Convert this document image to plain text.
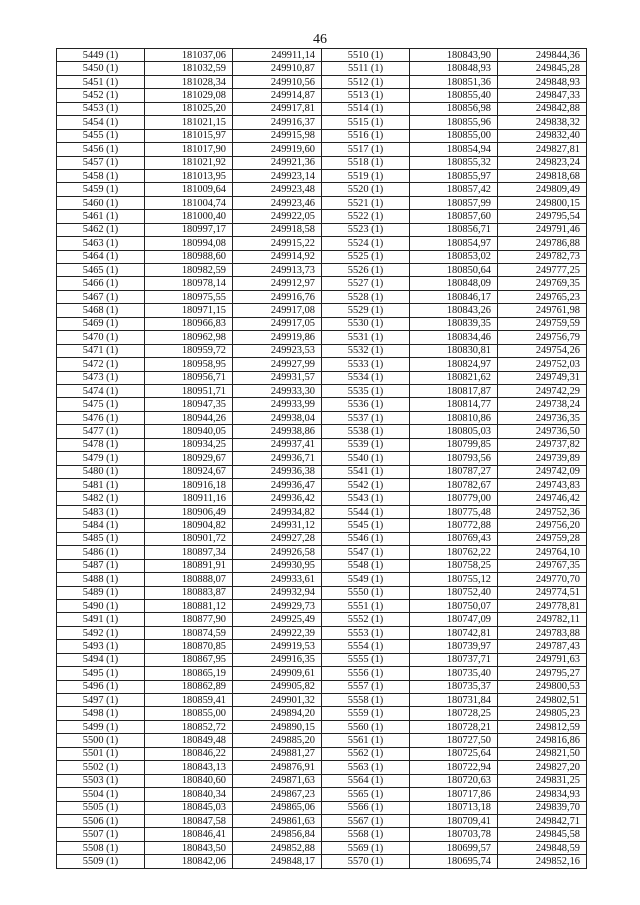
46
5449 (1)	181037,06	249911,14	5510 (1)	180843,90	249844,36
5450 (1)	181032,59	249910,87	5511 (1)	180848,93	249845,28
5451 (1)	181028,34	249910,56	5512 (1)	180851,36	249848,93
5452 (1)	181029,08	249914,87	5513 (1)	180855,40	249847,33
5453 (1)	181025,20	249917,81	5514 (1)	180856,98	249842,88
5454 (1)	181021,15	249916,37	5515 (1)	180855,96	249838,32
5455 (1)	181015,97	249915,98	5516 (1)	180855,00	249832,40
5456 (1)	181017,90	249919,60	5517 (1)	180854,94	249827,81
5457 (1)	181021,92	249921,36	5518 (1)	180855,32	249823,24
5458 (1)	181013,95	249923,14	5519 (1)	180855,97	249818,68
5459 (1)	181009,64	249923,48	5520 (1)	180857,42	249809,49
5460 (1)	181004,74	249923,46	5521 (1)	180857,99	249800,15
5461 (1)	181000,40	249922,05	5522 (1)	180857,60	249795,54
5462 (1)	180997,17	249918,58	5523 (1)	180856,71	249791,46
5463 (1)	180994,08	249915,22	5524 (1)	180854,97	249786,88
5464 (1)	180988,60	249914,92	5525 (1)	180853,02	249782,73
5465 (1)	180982,59	249913,73	5526 (1)	180850,64	249777,25
5466 (1)	180978,14	249912,97	5527 (1)	180848,09	249769,35
5467 (1)	180975,55	249916,76	5528 (1)	180846,17	249765,23
5468 (1)	180971,15	249917,08	5529 (1)	180843,26	249761,98
5469 (1)	180966,83	249917,05	5530 (1)	180839,35	249759,59
5470 (1)	180962,98	249919,86	5531 (1)	180834,46	249756,79
5471 (1)	180959,72	249923,53	5532 (1)	180830,81	249754,26
5472 (1)	180958,95	249927,99	5533 (1)	180824,97	249752,03
5473 (1)	180956,71	249931,57	5534 (1)	180821,62	249749,31
5474 (1)	180951,71	249933,30	5535 (1)	180817,87	249742,29
5475 (1)	180947,35	249933,99	5536 (1)	180814,77	249738,24
5476 (1)	180944,26	249938,04	5537 (1)	180810,86	249736,35
5477 (1)	180940,05	249938,86	5538 (1)	180805,03	249736,50
5478 (1)	180934,25	249937,41	5539 (1)	180799,85	249737,82
5479 (1)	180929,67	249936,71	5540 (1)	180793,56	249739,89
5480 (1)	180924,67	249936,38	5541 (1)	180787,27	249742,09
5481 (1)	180916,18	249936,47	5542 (1)	180782,67	249743,83
5482 (1)	180911,16	249936,42	5543 (1)	180779,00	249746,42
5483 (1)	180906,49	249934,82	5544 (1)	180775,48	249752,36
5484 (1)	180904,82	249931,12	5545 (1)	180772,88	249756,20
5485 (1)	180901,72	249927,28	5546 (1)	180769,43	249759,28
5486 (1)	180897,34	249926,58	5547 (1)	180762,22	249764,10
5487 (1)	180891,91	249930,95	5548 (1)	180758,25	249767,35
5488 (1)	180888,07	249933,61	5549 (1)	180755,12	249770,70
5489 (1)	180883,87	249932,94	5550 (1)	180752,40	249774,51
5490 (1)	180881,12	249929,73	5551 (1)	180750,07	249778,81
5491 (1)	180877,90	249925,49	5552 (1)	180747,09	249782,11
5492 (1)	180874,59	249922,39	5553 (1)	180742,81	249783,88
5493 (1)	180870,85	249919,53	5554 (1)	180739,97	249787,43
5494 (1)	180867,95	249916,35	5555 (1)	180737,71	249791,63
5495 (1)	180865,19	249909,61	5556 (1)	180735,40	249795,27
5496 (1)	180862,89	249905,82	5557 (1)	180735,37	249800,53
5497 (1)	180859,41	249901,32	5558 (1)	180731,84	249802,51
5498 (1)	180855,00	249894,20	5559 (1)	180728,25	249805,23
5499 (1)	180852,72	249890,15	5560 (1)	180728,21	249812,59
5500 (1)	180849,48	249885,20	5561 (1)	180727,50	249816,86
5501 (1)	180846,22	249881,27	5562 (1)	180725,64	249821,50
5502 (1)	180843,13	249876,91	5563 (1)	180722,94	249827,20
5503 (1)	180840,60	249871,63	5564 (1)	180720,63	249831,25
5504 (1)	180840,34	249867,23	5565 (1)	180717,86	249834,93
5505 (1)	180845,03	249865,06	5566 (1)	180713,18	249839,70
5506 (1)	180847,58	249861,63	5567 (1)	180709,41	249842,71
5507 (1)	180846,41	249856,84	5568 (1)	180703,78	249845,58
5508 (1)	180843,50	249852,88	5569 (1)	180699,57	249848,59
5509 (1)	180842,06	249848,17	5570 (1)	180695,74	249852,16
